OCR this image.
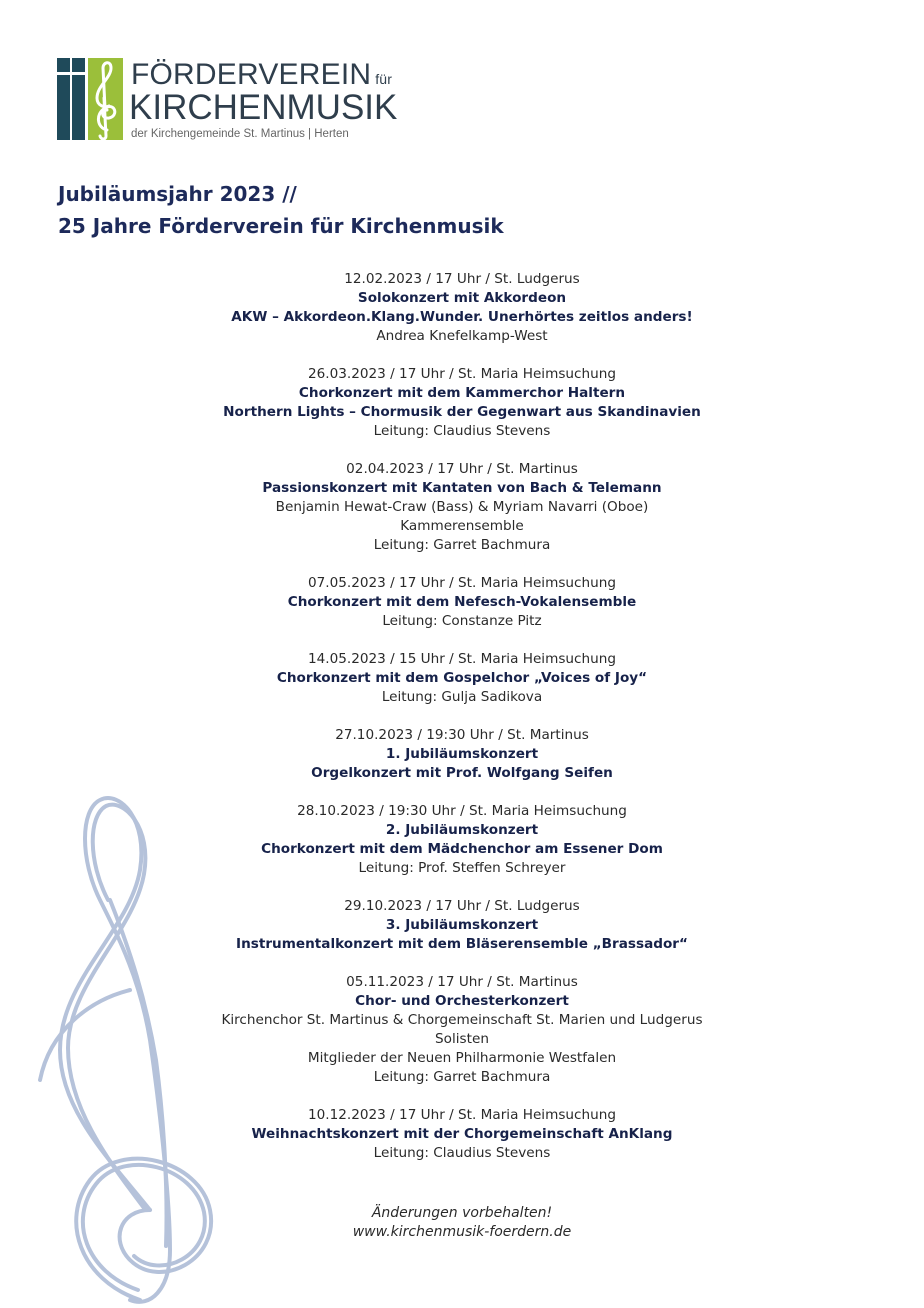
FÖRDERVEREIN für
KIRCHENMUSIK
der Kirchengemeinde St. Martinus | Herten
Jubiläumsjahr 2023 //
25 Jahre Förderverein für Kirchenmusik
12.02.2023 / 17 Uhr / St. Ludgerus
Solokonzert mit Akkordeon
AKW – Akkordeon.Klang.Wunder. Unerhörtes zeitlos anders!
Andrea Knefelkamp-West
26.03.2023 / 17 Uhr / St. Maria Heimsuchung
Chorkonzert mit dem Kammerchor Haltern
Northern Lights – Chormusik der Gegenwart aus Skandinavien
Leitung: Claudius Stevens
02.04.2023 / 17 Uhr / St. Martinus
Passionskonzert mit Kantaten von Bach & Telemann
Benjamin Hewat-Craw (Bass) & Myriam Navarri (Oboe)
Kammerensemble
Leitung: Garret Bachmura
07.05.2023 / 17 Uhr / St. Maria Heimsuchung
Chorkonzert mit dem Nefesch-Vokalensemble
Leitung: Constanze Pitz
14.05.2023 / 15 Uhr / St. Maria Heimsuchung
Chorkonzert mit dem Gospelchor „Voices of Joy“
Leitung: Gulja Sadikova
27.10.2023 / 19:30 Uhr / St. Martinus
1. Jubiläumskonzert
Orgelkonzert mit Prof. Wolfgang Seifen
28.10.2023 / 19:30 Uhr / St. Maria Heimsuchung
2. Jubiläumskonzert
Chorkonzert mit dem Mädchenchor am Essener Dom
Leitung: Prof. Steffen Schreyer
29.10.2023 / 17 Uhr / St. Ludgerus
3. Jubiläumskonzert
Instrumentalkonzert mit dem Bläserensemble „Brassador“
05.11.2023 / 17 Uhr / St. Martinus
Chor- und Orchesterkonzert
Kirchenchor St. Martinus & Chorgemeinschaft St. Marien und Ludgerus
Solisten
Mitglieder der Neuen Philharmonie Westfalen
Leitung: Garret Bachmura
10.12.2023 / 17 Uhr / St. Maria Heimsuchung
Weihnachtskonzert mit der Chorgemeinschaft AnKlang
Leitung: Claudius Stevens
Änderungen vorbehalten!
www.kirchenmusik-foerdern.de
